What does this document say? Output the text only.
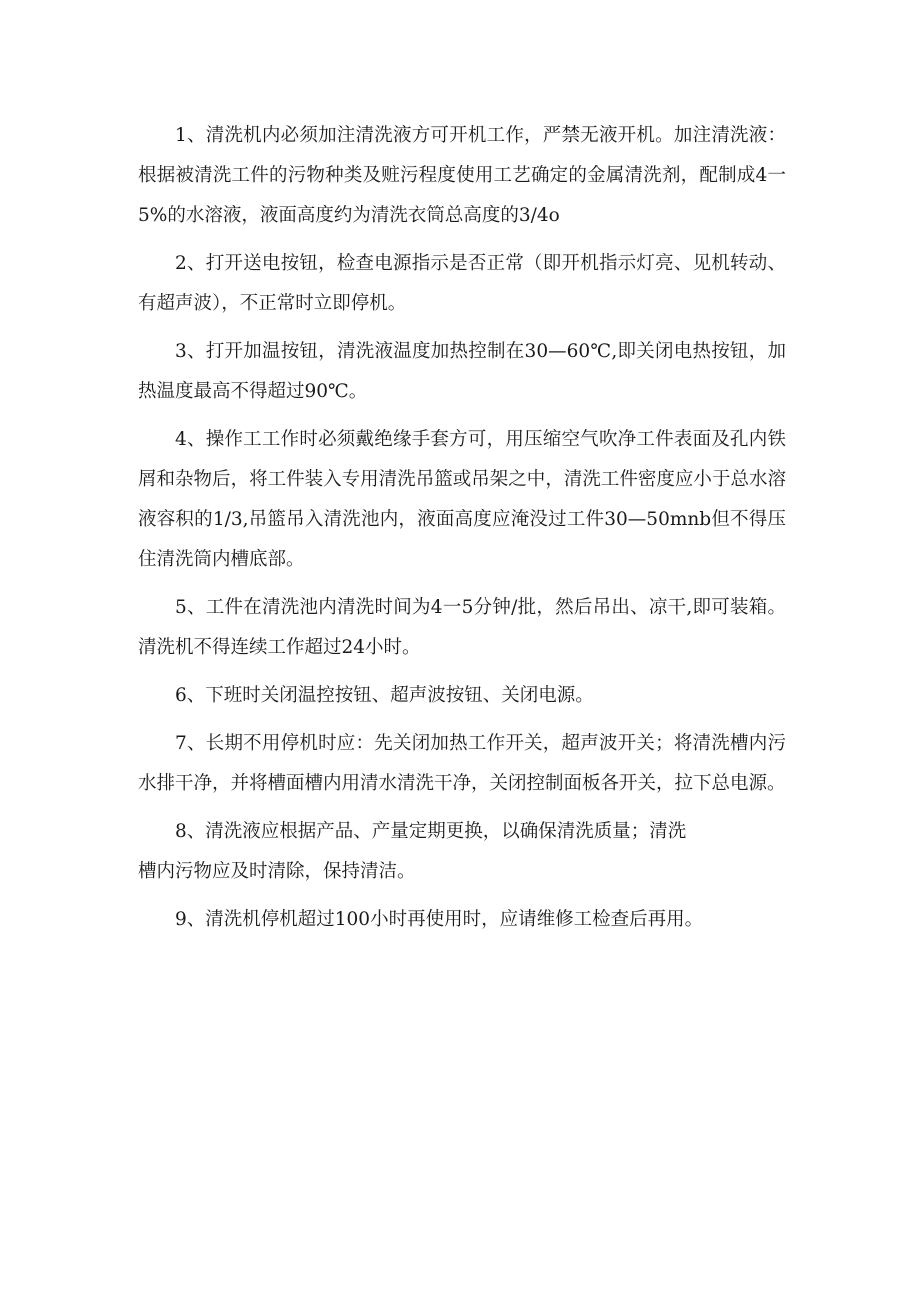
1、清洗机内必须加注清洗液方可开机工作，严禁无液开机。加注清洗液：根据被清洗工件的污物种类及赃污程度使用工艺确定的金属清洗剂，配制成4一5%的水溶液，液面高度约为清洗衣筒总高度的3/4o

2、打开送电按钮，检查电源指示是否正常（即开机指示灯亮、见机转动、有超声波），不正常时立即停机。

3、打开加温按钮，清洗液温度加热控制在30—60℃,即关闭电热按钮，加热温度最高不得超过90℃。

4、操作工工作时必须戴绝缘手套方可，用压缩空气吹净工件表面及孔内铁屑和杂物后，将工件装入专用清洗吊篮或吊架之中，清洗工件密度应小于总水溶液容积的1/3,吊篮吊入清洗池内，液面高度应淹没过工件30—50mnb但不得压住清洗筒内槽底部。

5、工件在清洗池内清洗时间为4一5分钟/批，然后吊出、凉干,即可装箱。清洗机不得连续工作超过24小时。

6、下班时关闭温控按钮、超声波按钮、关闭电源。

7、长期不用停机时应：先关闭加热工作开关，超声波开关；将清洗槽内污水排干净，并将槽面槽内用清水清洗干净，关闭控制面板各开关，拉下总电源。

8、清洗液应根据产品、产量定期更换，以确保清洗质量；清洗
槽内污物应及时清除，保持清洁。

9、清洗机停机超过100小时再使用时，应请维修工检查后再用。
